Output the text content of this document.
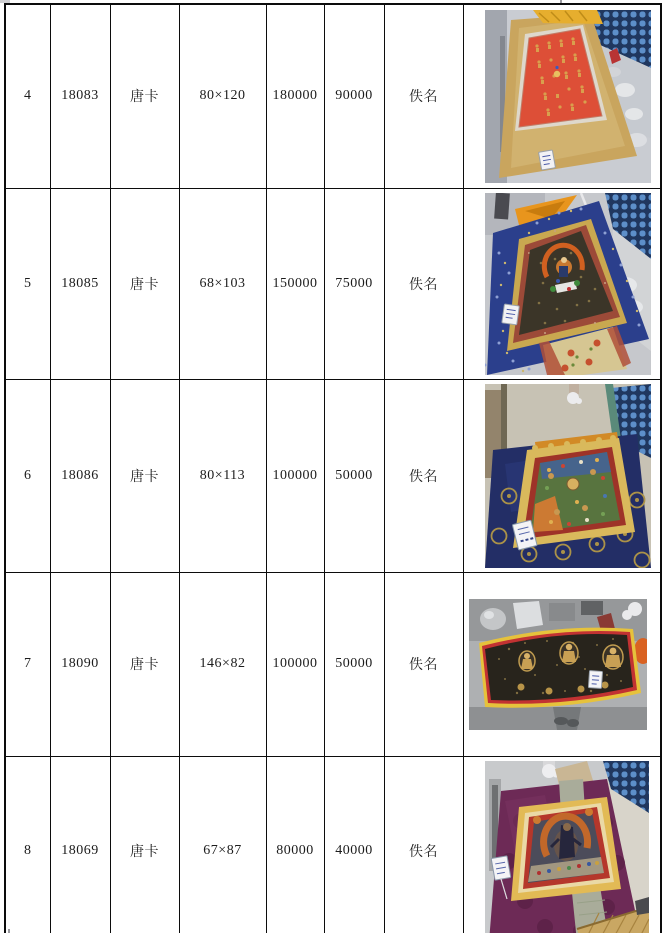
4	18083	唐卡	80×120	180000	90000	佚名	

5	18085	唐卡	68×103	150000	75000	佚名	

6	18086	唐卡	80×113	100000	50000	佚名	

7	18090	唐卡	146×82	100000	50000	佚名	

8	18069	唐卡	67×87	80000	40000	佚名	
